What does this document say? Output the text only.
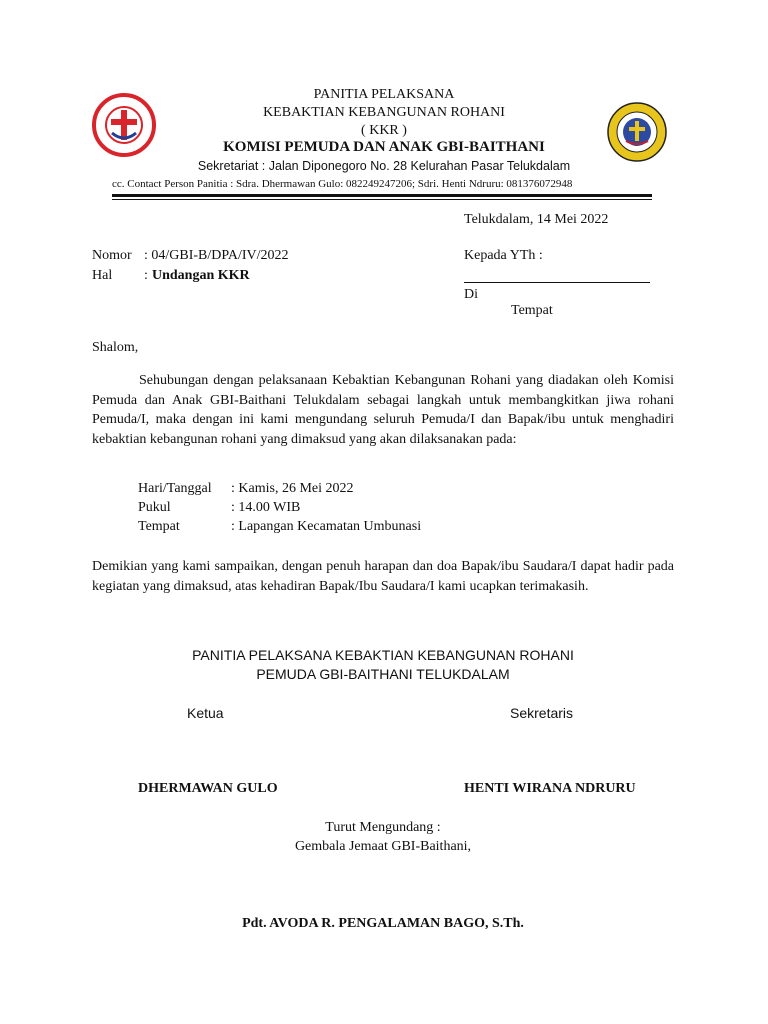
PANITIA PELAKSANA
KEBAKTIAN KEBANGUNAN ROHANI
( KKR )
KOMISI PEMUDA DAN ANAK GBI-BAITHANI
Sekretariat : Jalan Diponegoro No. 28 Kelurahan Pasar Telukdalam
cc. Contact Person Panitia : Sdra. Dhermawan Gulo: 082249247206; Sdri. Henti Ndruru: 081376072948
Telukdalam, 14 Mei 2022
Nomor : 04/GBI-B/DPA/IV/2022
Hal : Undangan KKR
Kepada YTh :
Di
Tempat
Shalom,
Sehubungan dengan pelaksanaan Kebaktian Kebangunan Rohani yang diadakan oleh Komisi Pemuda dan Anak GBI-Baithani Telukdalam sebagai langkah untuk membangkitkan jiwa rohani Pemuda/I, maka dengan ini kami mengundang seluruh Pemuda/I dan Bapak/ibu untuk menghadiri kebaktian kebangunan rohani yang dimaksud yang akan dilaksanakan pada:
Hari/Tanggal : Kamis, 26 Mei 2022
Pukul	: 14.00 WIB
Tempat	: Lapangan Kecamatan Umbunasi
Demikian yang kami sampaikan, dengan penuh harapan dan doa Bapak/ibu Saudara/I dapat hadir pada kegiatan yang dimaksud, atas kehadiran Bapak/Ibu Saudara/I kami ucapkan terimakasih.
PANITIA PELAKSANA KEBAKTIAN KEBANGUNAN ROHANI
PEMUDA GBI-BAITHANI TELUKDALAM
Ketua	Sekretaris
DHERMAWAN GULO	HENTI WIRANA NDRURU
Turut Mengundang :
Gembala Jemaat GBI-Baithani,
Pdt. AVODA R. PENGALAMAN BAGO, S.Th.
